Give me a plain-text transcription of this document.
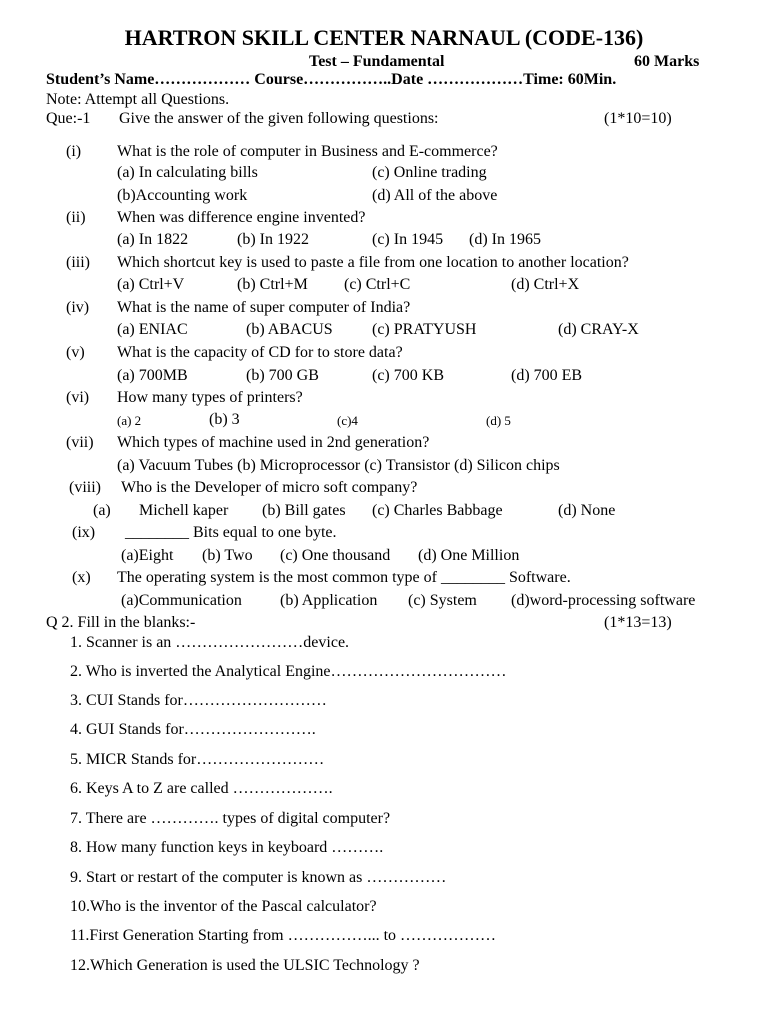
HARTRON SKILL CENTER NARNAUL (CODE-136)
Test – Fundamental	60 Marks
Student’s Name……………… Course……………..Date ………………Time: 60Min.
Note: Attempt all Questions.
Que:-1 Give the answer of the given following questions:	(1*10=10)
(i) What is the role of computer in Business and E-commerce?
(a) In calculating bills	(c) Online trading
(b)Accounting work	(d) All of the above
(ii) When was difference engine invented?
(a) In 1822	(b) In 1922	(c) In 1945 (d) In 1965
(iii) Which shortcut key is used to paste a file from one location to another location?
(a) Ctrl+V	(b) Ctrl+M (c) Ctrl+C	(d) Ctrl+X
(iv) What is the name of super computer of India?
(a) ENIAC	(b) ABACUS (c) PRATYUSH	(d) CRAY-X
(v) What is the capacity of CD for to store data?
(a) 700MB	(b) 700 GB	(c) 700 KB	(d) 700 EB
(vi) How many types of printers?
(a) 2	(b) 3	(c)4	(d) 5
(vii) Which types of machine used in 2nd generation?
(a) Vacuum Tubes (b) Microprocessor (c) Transistor (d) Silicon chips
(viii) Who is the Developer of micro soft company?
(a) Michell kaper (b) Bill gates (c) Charles Babbage	(d) None
(ix) ________ Bits equal to one byte.
(a)Eight (b) Two (c) One thousand (d) One Million
(x) The operating system is the most common type of ________ Software.
(a)Communication (b) Application (c) System (d)word-processing software
Q 2. Fill in the blanks:-	(1*13=13)
1. Scanner is an ……………………device.
2. Who is inverted the Analytical Engine……………………………
3. CUI Stands for………………………
4. GUI Stands for…………………….
5. MICR Stands for……………………
6. Keys A to Z are called ……………….
7. There are …………. types of digital computer?
8. How many function keys in keyboard ……….
9. Start or restart of the computer is known as ……………
10.Who is the inventor of the Pascal calculator?
11.First Generation Starting from ……………... to ………………
12.Which Generation is used the ULSIC Technology ?
